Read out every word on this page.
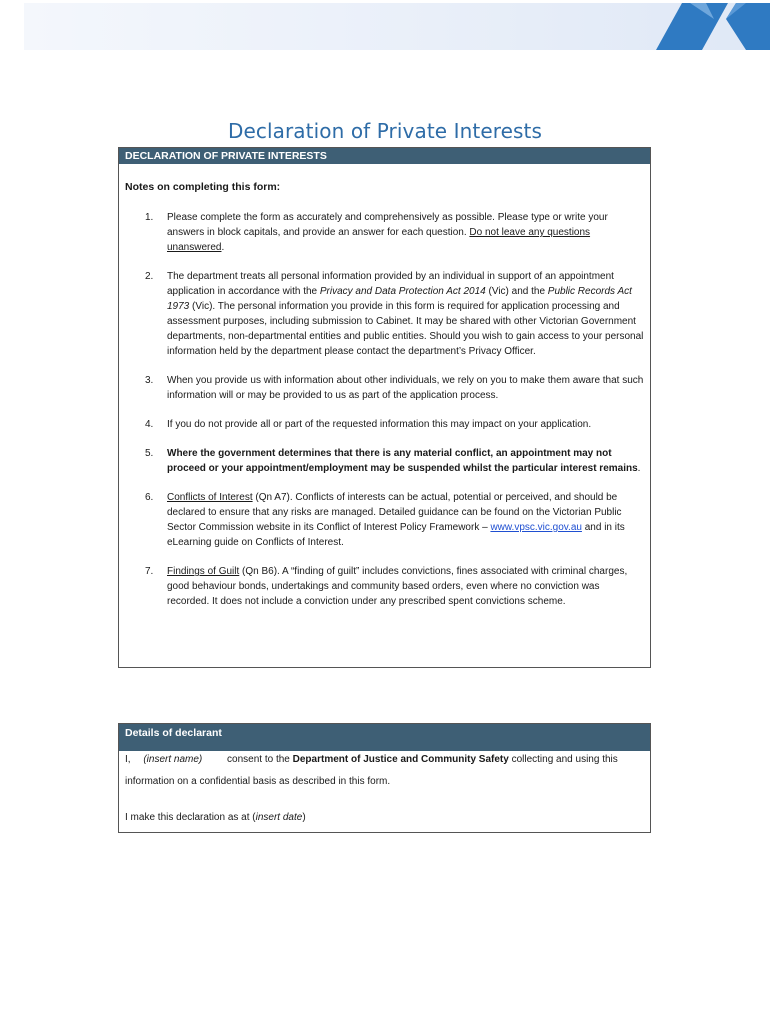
Declaration of Private Interests
DECLARATION OF PRIVATE INTERESTS
Notes on completing this form:
1. Please complete the form as accurately and comprehensively as possible. Please type or write your answers in block capitals, and provide an answer for each question. Do not leave any questions unanswered.
2. The department treats all personal information provided by an individual in support of an appointment application in accordance with the Privacy and Data Protection Act 2014 (Vic) and the Public Records Act 1973 (Vic). The personal information you provide in this form is required for application processing and assessment purposes, including submission to Cabinet. It may be shared with other Victorian Government departments, non-departmental entities and public entities. Should you wish to gain access to your personal information held by the department please contact the department’s Privacy Officer.
3. When you provide us with information about other individuals, we rely on you to make them aware that such information will or may be provided to us as part of the application process.
4. If you do not provide all or part of the requested information this may impact on your application.
5. Where the government determines that there is any material conflict, an appointment may not proceed or your appointment/employment may be suspended whilst the particular interest remains.
6. Conflicts of Interest (Qn A7). Conflicts of interests can be actual, potential or perceived, and should be declared to ensure that any risks are managed. Detailed guidance can be found on the Victorian Public Sector Commission website in its Conflict of Interest Policy Framework – www.vpsc.vic.gov.au and in its eLearning guide on Conflicts of Interest.
7. Findings of Guilt (Qn B6). A “finding of guilt” includes convictions, fines associated with criminal charges, good behaviour bonds, undertakings and community based orders, even where no conviction was recorded. It does not include a conviction under any prescribed spent convictions scheme.
Details of declarant
I, (insert name) consent to the Department of Justice and Community Safety collecting and using this
information on a confidential basis as described in this form.
I make this declaration as at (insert date)
